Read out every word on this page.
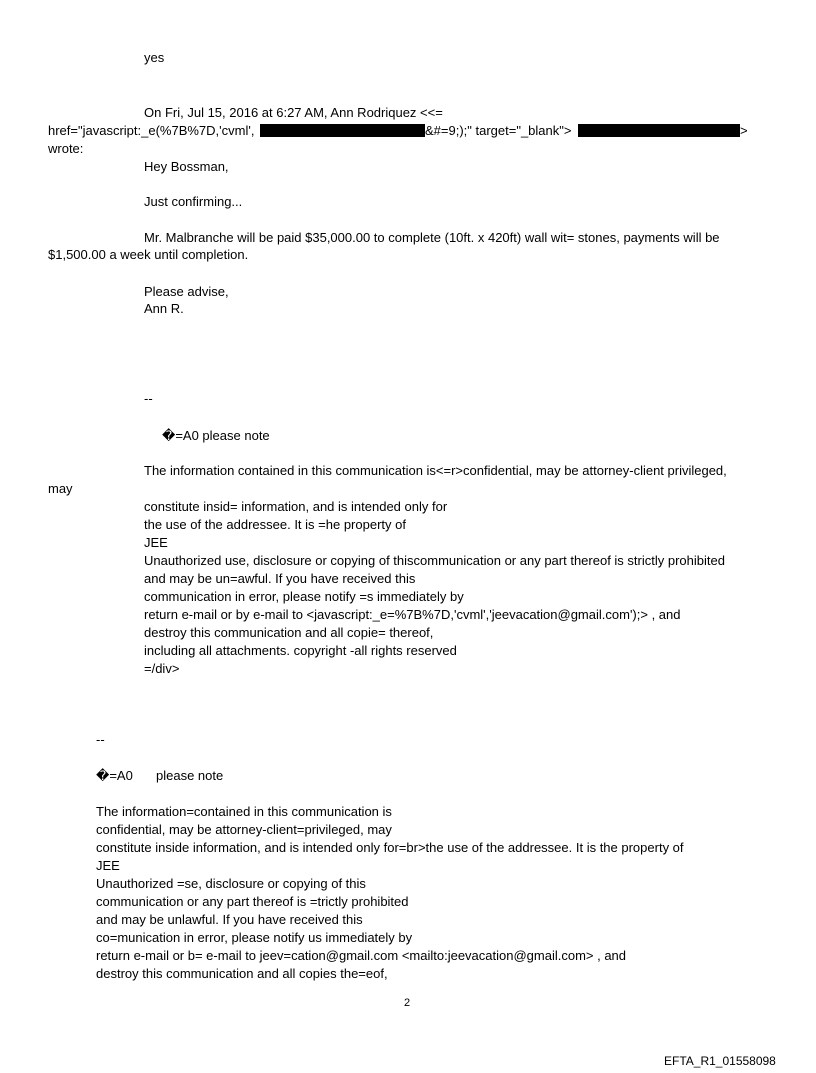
yes
On Fri, Jul 15, 2016 at 6:27 AM, Ann Rodriquez <<=
href="javascript:_e(%7B%7D,'cvml',	&#=9;);" target="_blank">	>
wrote:
Hey Bossman,
Just confirming...
Mr. Malbranche will be paid $35,000.00 to complete (10ft. x 420ft) wall wit= stones, payments will be
$1,500.00 a week until completion.
Please advise,
Ann R.
--
�=A0 please note
The information contained in this communication is<=r>confidential, may be attorney-client privileged,
may
constitute insid= information, and is intended only for
the use of the addressee. It is =he property of
JEE
Unauthorized use, disclosure or copying of thiscommunication or any part thereof is strictly prohibited
and may be un=awful. If you have received this
communication in error, please notify =s immediately by
return e-mail or by e-mail to <javascript:_e=%7B%7D,'cvml','jeevacation@gmail.com');> , and
destroy this communication and all copie= thereof,
including all attachments. copyright -all rights reserved
=/div>
--
�=A0 please note
The information=contained in this communication is
confidential, may be attorney-client=privileged, may
constitute inside information, and is intended only for=br>the use of the addressee. It is the property of
JEE
Unauthorized =se, disclosure or copying of this
communication or any part thereof is =trictly prohibited
and may be unlawful. If you have received this
co=munication in error, please notify us immediately by
return e-mail or b= e-mail to jeev=cation@gmail.com <mailto:jeevacation@gmail.com> , and
destroy this communication and all copies the=eof,
2
EFTA_R1_01558098
